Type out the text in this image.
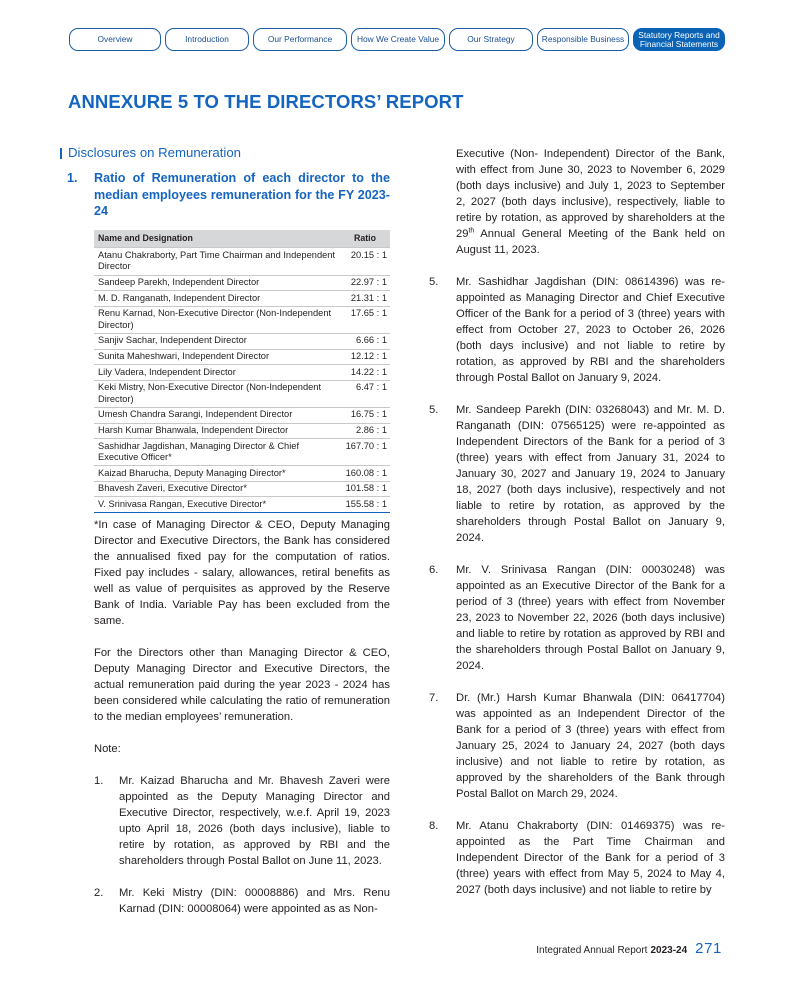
Overview	Introduction	Our Performance	How We Create Value	Our Strategy	Responsible Business Statutory Reports and
Financial Statements
ANNEXURE 5 TO THE DIRECTORS’ REPORT
Disclosures on Remuneration
1.	Ratio of Remuneration of each director to the median employees remuneration for the FY 2023-24
Name and Designation	Ratio
Atanu Chakraborty, Part Time Chairman and Independent Director	20.15 : 1
Sandeep Parekh, Independent Director	22.97 : 1
M. D. Ranganath, Independent Director	21.31 : 1
Renu Karnad, Non-Executive Director (Non-Independent Director)	17.65 : 1
Sanjiv Sachar, Independent Director	6.66 : 1
Sunita Maheshwari, Independent Director	12.12 : 1
Lily Vadera, Independent Director	14.22 : 1
Keki Mistry, Non-Executive Director (Non-Independent Director)	6.47 : 1
Umesh Chandra Sarangi, Independent Director	16.75 : 1
Harsh Kumar Bhanwala, Independent Director	2.86 : 1
Sashidhar Jagdishan, Managing Director & Chief Executive Officer*	167.70 : 1
Kaizad Bharucha, Deputy Managing Director*	160.08 : 1
Bhavesh Zaveri, Executive Director*	101.58 : 1
V. Srinivasa Rangan, Executive Director*	155.58 : 1

*In case of Managing Director & CEO, Deputy Managing Director and Executive Directors, the Bank has considered the annualised fixed pay for the computation of ratios. Fixed pay includes - salary, allowances, retiral benefits as well as value of perquisites as approved by the Reserve Bank of India. Variable Pay has been excluded from the same.

For the Directors other than Managing Director & CEO, Deputy Managing Director and Executive Directors, the actual remuneration paid during the year 2023 - 2024 has been considered while calculating the ratio of remuneration to the median employees’ remuneration.

Note:

1.	Mr. Kaizad Bharucha and Mr. Bhavesh Zaveri were appointed as the Deputy Managing Director and Executive Director, respectively, w.e.f. April 19, 2023 upto April 18, 2026 (both days inclusive), liable to retire by rotation, as approved by RBI and the shareholders through Postal Ballot on June 11, 2023.
2.	Mr. Keki Mistry (DIN: 00008886) and Mrs. Renu Karnad (DIN: 00008064) were appointed as as Non-

Executive (Non- Independent) Director of the Bank, with effect from June 30, 2023 to November 6, 2029 (both days inclusive) and July 1, 2023 to September 2, 2027 (both days inclusive), respectively, liable to retire by rotation, as approved by shareholders at the 29th Annual General Meeting of the Bank held on August 11, 2023.

5.	Mr. Sashidhar Jagdishan (DIN: 08614396) was re-appointed as Managing Director and Chief Executive Officer of the Bank for a period of 3 (three) years with effect from October 27, 2023 to October 26, 2026 (both days inclusive) and not liable to retire by rotation, as approved by RBI and the shareholders through Postal Ballot on January 9, 2024.
5.	Mr. Sandeep Parekh (DIN: 03268043) and Mr. M. D. Ranganath (DIN: 07565125) were re-appointed as Independent Directors of the Bank for a period of 3 (three) years with effect from January 31, 2024 to January 30, 2027 and January 19, 2024 to January 18, 2027 (both days inclusive), respectively and not liable to retire by rotation, as approved by the shareholders through Postal Ballot on January 9, 2024.
6.	Mr. V. Srinivasa Rangan (DIN: 00030248) was appointed as an Executive Director of the Bank for a period of 3 (three) years with effect from November 23, 2023 to November 22, 2026 (both days inclusive) and liable to retire by rotation as approved by RBI and the shareholders through Postal Ballot on January 9, 2024.
7.	Dr. (Mr.) Harsh Kumar Bhanwala (DIN: 06417704) was appointed as an Independent Director of the Bank for a period of 3 (three) years with effect from January 25, 2024 to January 24, 2027 (both days inclusive) and not liable to retire by rotation, as approved by the shareholders of the Bank through Postal Ballot on March 29, 2024.
8.	Mr. Atanu Chakraborty (DIN: 01469375) was re-appointed as the Part Time Chairman and Independent Director of the Bank for a period of 3 (three) years with effect from May 5, 2024 to May 4, 2027 (both days inclusive) and not liable to retire by
Integrated Annual Report 2023-24 271
